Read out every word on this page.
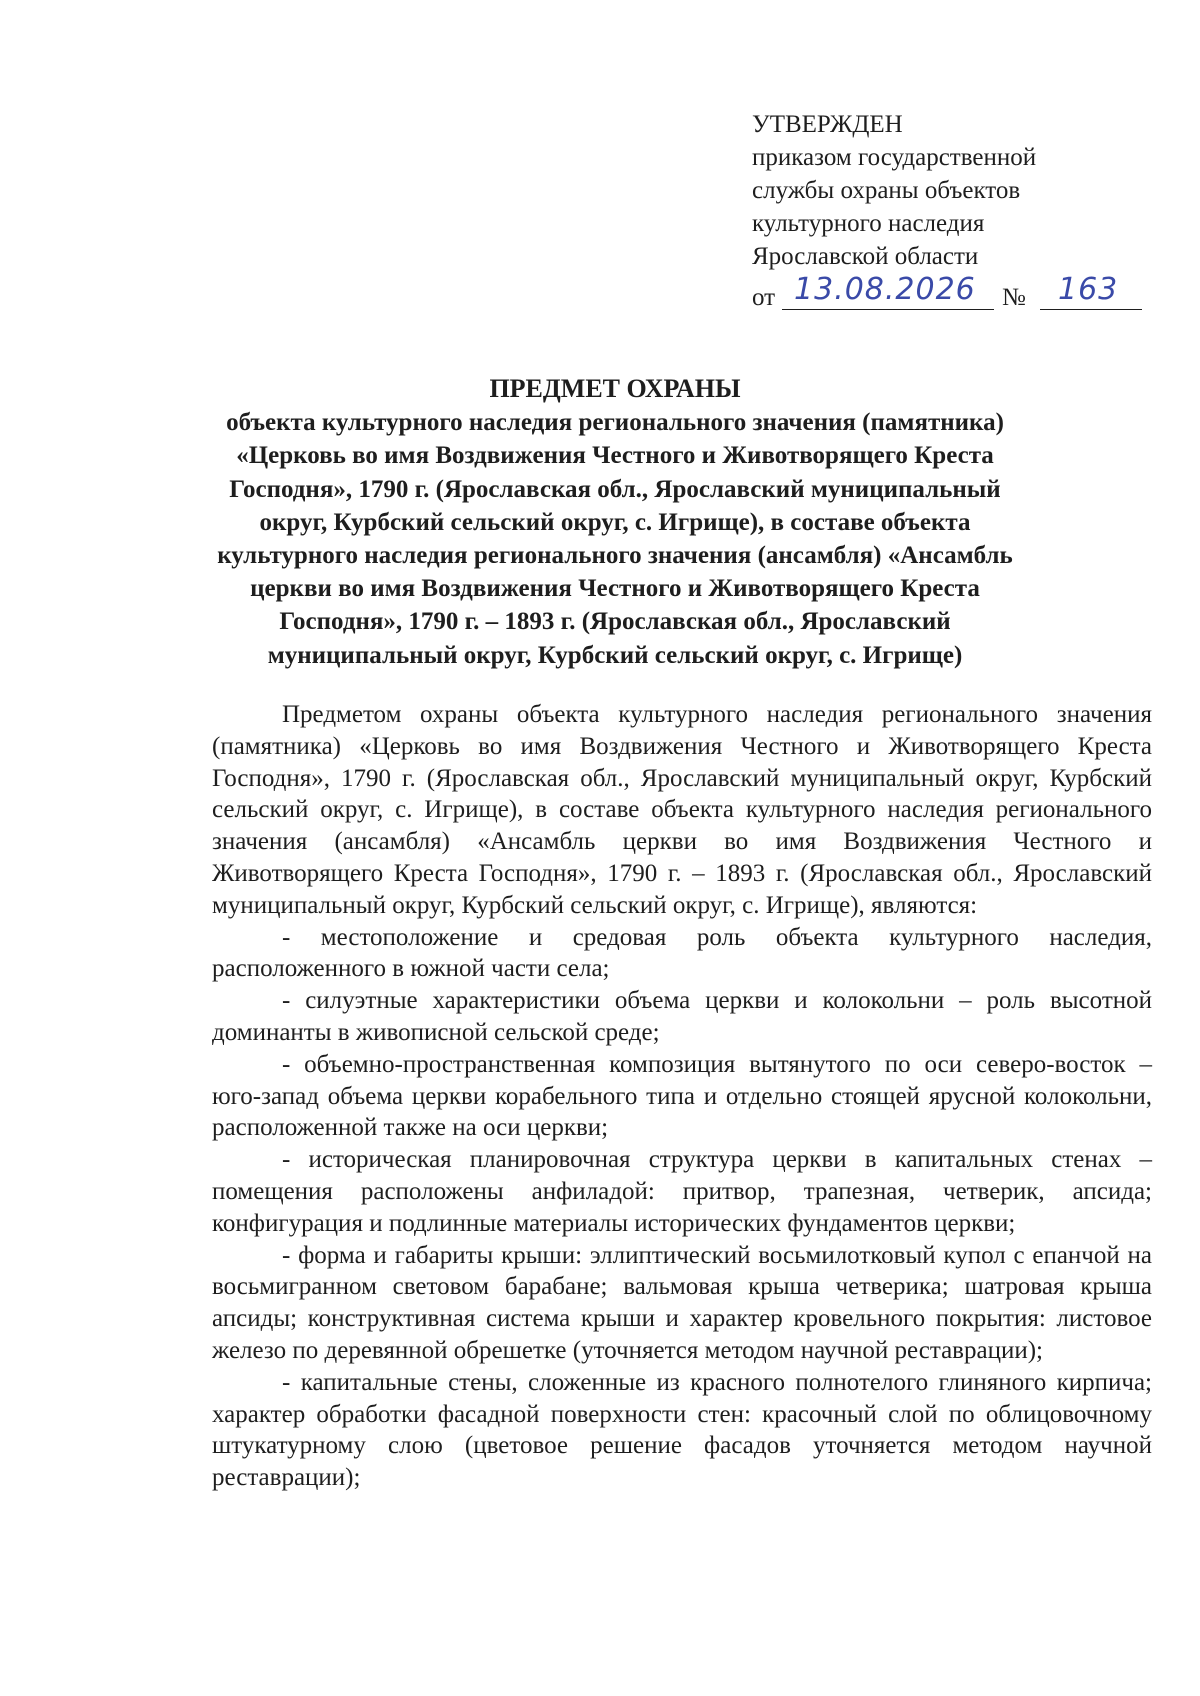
УТВЕРЖДЕН
приказом государственной
службы охраны объектов
культурного наследия
Ярославской области
от 13.08.2026 № 163
ПРЕДМЕТ ОХРАНЫ
объекта культурного наследия регионального значения (памятника)
«Церковь во имя Воздвижения Честного и Животворящего Креста
Господня», 1790 г. (Ярославская обл., Ярославский муниципальный
округ, Курбский сельский округ, с. Игрище), в составе объекта
культурного наследия регионального значения (ансамбля) «Ансамбль
церкви во имя Воздвижения Честного и Животворящего Креста
Господня», 1790 г. – 1893 г. (Ярославская обл., Ярославский
муниципальный округ, Курбский сельский округ, с. Игрище)

Предметом охраны объекта культурного наследия регионального значения (памятника) «Церковь во имя Воздвижения Честного и Животворящего Креста Господня», 1790 г. (Ярославская обл., Ярославский муниципальный округ, Курбский сельский округ, с. Игрище), в составе объекта культурного наследия регионального значения (ансамбля) «Ансамбль церкви во имя Воздвижения Честного и Животворящего Креста Господня», 1790 г. – 1893 г. (Ярославская обл., Ярославский муниципальный округ, Курбский сельский округ, с. Игрище), являются:

- местоположение и средовая роль объекта культурного наследия, расположенного в южной части села;

- силуэтные характеристики объема церкви и колокольни – роль высотной доминанты в живописной сельской среде;

- объемно-пространственная композиция вытянутого по оси северо-восток – юго-запад объема церкви корабельного типа и отдельно стоящей ярусной колокольни, расположенной также на оси церкви;

- историческая планировочная структура церкви в капитальных стенах – помещения расположены анфиладой: притвор, трапезная, четверик, апсида; конфигурация и подлинные материалы исторических фундаментов церкви;

- форма и габариты крыши: эллиптический восьмилотковый купол с епанчой на восьмигранном световом барабане; вальмовая крыша четверика; шатровая крыша апсиды; конструктивная система крыши и характер кровельного покрытия: листовое железо по деревянной обрешетке (уточняется методом научной реставрации);

- капитальные стены, сложенные из красного полнотелого глиняного кирпича; характер обработки фасадной поверхности стен: красочный слой по облицовочному штукатурному слою (цветовое решение фасадов уточняется методом научной реставрации);
